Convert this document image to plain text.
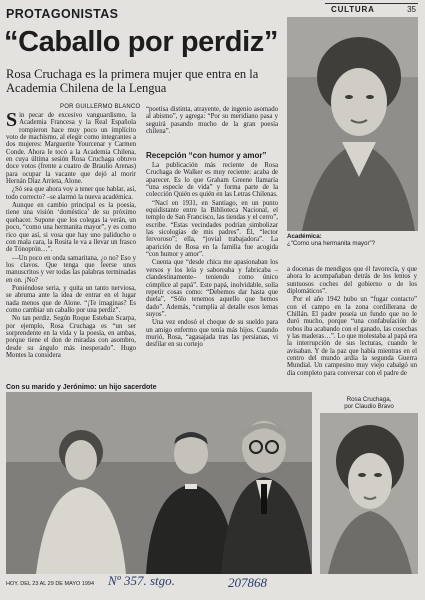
PROTAGONISTAS	CULTURA	35
“Caballo por perdiz”
Rosa Cruchaga es la primera mujer que entra en la Academia Chilena de la Lengua
POR GUILLERMO BLANCO

Sin pecar de excesivo vanguardismo, la Academia Francesa y la Real Española rompieron hace muy poco un implícito voto de machismo, al elegir como integrantes a dos mujeres: Marguerite Yourcenar y Carmen Conde. Ahora le tocó a la Academia Chilena, en cuya última sesión Rosa Cruchaga obtuvo doce votos (frente a cuatro de Braulio Arenas) para ocupar la vacante que dejó al morir Hernán Díaz Arrieta, Alone.

¿Só sea que ahora voy a tener que hablar, así, todo correcto? –se alarmó la nueva académica.

Aunque en cambio principal es la poesía, tiene una visión ‘doméstica’ de su próximo quehacer. Supone que los colegas la verán, un poco, “como una hermanita mayor”, y es como rico que así, si vosa que hay uno paliducho o con mala cara, la Rosita le va a llevar un frasco de Tónoprón…”.

—Un poco en onda samaritana, ¿o no? Eso y los clavos. Que tenga que leerse unos manuscritos y ver todas las palabras terminadas en on. ¡No?

Poniéndose seria, y quita un tanto nerviosa, se abruma ante la idea de entrar en el lugar nada menos que de Alone. “¡Te imaginas? Es como cambiar un caballo por una perdiz”.

No tan perdiz. Según Roque Esteban Scarpa, por ejemplo, Rosa Cruchaga es “un ser sorprendente en la vida y la poesía, en ambas, porque tiene el don de miradas con asombro, desde su ángulo más inesperado”. Hugo Montes la considera

“poetisa distinta, atrayente, de ingenio asomado al abismo”, y agrega: “Por su meridiano pasa y seguirá pasando mucho de la gran poesía chilena”.

Recepción “con humor y amor”

La publicación más reciente de Rosa Cruchaga de Walker es muy reciente: acaba de aparecer. Es lo que Graham Greene llamaría “una especie de vida” y forma parte de la colección Quién es quién en las Letras Chilenas.

“Nací en 1931, en Santiago, en un punto equidistante entre la Biblioteca Nacional, el templo de San Francisco, las tiendas y el cerro”, escribe. “Estas vecindades podrían simbolizar las sicologías de mis padres”. Él, “lector fervoroso”; ella, “jovial trabajadora”. La aparición de Rosa en la familia fue acogida “con humor y amor”.

Cuenta que “desde chica me apasionaban los versos y los leía y saboreaba y fabricaba –clandestinamente– teniendo como único cómplice al papá”. Este papá, inolvidable, solía repetir cosas como: “Debemos dar hasta que duela”, “Sólo tenemos aquello que hemos dado”. Además, “cumplía al detalle esos lemas suyos”.

Una vez endosó el cheque de su sueldo para un amigo enfermo que tenía más hijos. Cuando murió, Rosa, “agasajada tras las persianas, vi desfilar en su cortejo

Académica:
¿“Como una hermanita mayor”?

a docenas de mendigos que él favorecía, y que ahora lo acompañaban detrás de los lentos y suntuosos coches del gobierno o de los diplomáticos”.

Por el año 1942 hubo un “fugar contacto” con el campo en la zona cordillerana de Chillán. El padre poseía un fundo que no le duró mucho, porque “una confabulación de robos iba acabando con el ganado, las cosechas y las maderas…”. Lo que molestaba al papá era la interrupción de sus lecturas, cuando le avisaban. Y de la paz que había mientras en el centro del mundo ardía la segunda Guerra Mundial. Un campesino muy viejo cabalgó un día completo para conversar con el padre de

Con su marido y Jerónimo: un hijo sacerdote
Rosa Cruchaga,
por Claudio Bravo
HOY. DEL 23 AL 29 DE MAYO 1994 Nº 357. stgo.	207868
